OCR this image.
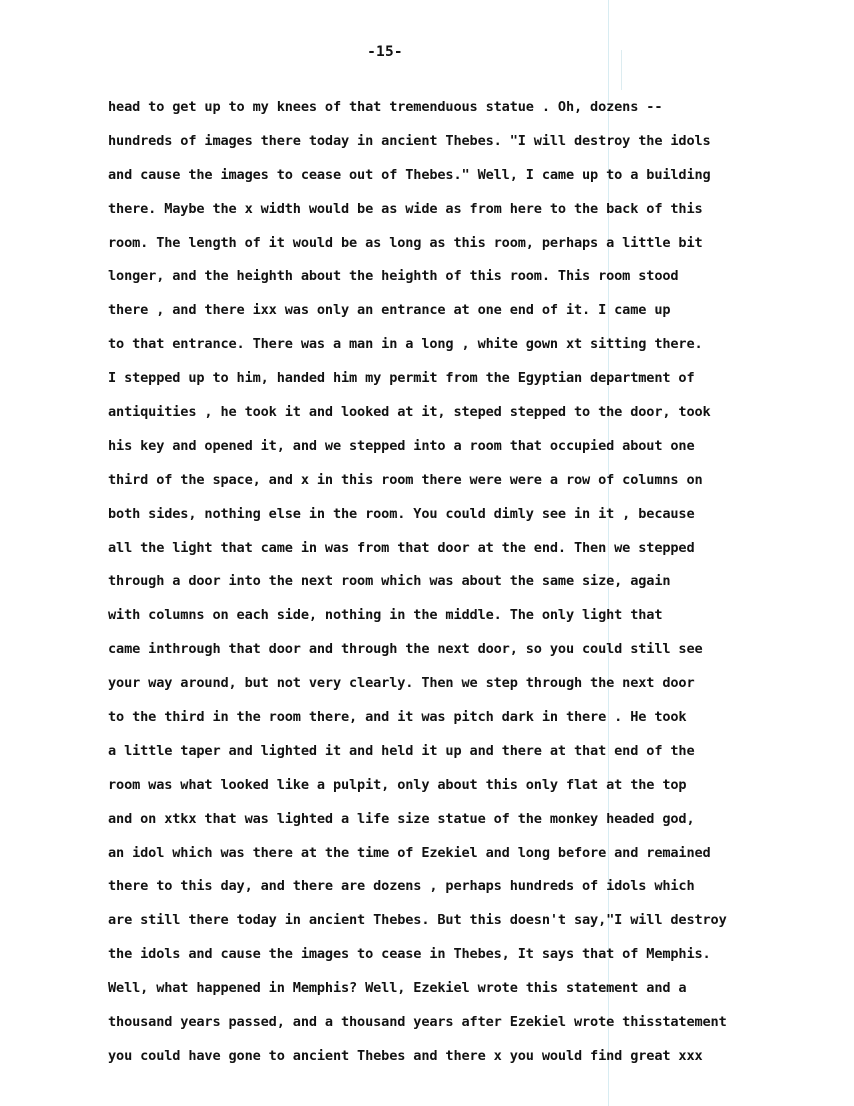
-15-
head to get up to my knees of that tremenduous statue . Oh, dozens --
hundreds of images there today in ancient Thebes. "I will destroy the idols
and cause the images to cease out of Thebes." Well, I came up to a building
there. Maybe the x width would be as wide as from here to the back of this
room. The length of it would be as long as this room, perhaps a little bit
longer, and the heighth about the heighth of this room. This room stood
there , and there ixx was only an entrance at one end of it. I came up
to that entrance. There was a man in a long , white gown xt sitting there.
I stepped up to him, handed him my permit from the Egyptian department of
antiquities , he took it and looked at it, steped stepped to the door, took
his key and opened it, and we stepped into a room that occupied about one
third of the space, and x in this room there were were a row of columns on
both sides, nothing else in the room. You could dimly see in it , because
all the light that came in was from that door at the end. Then we stepped
through a door into the next room which was about the same size, again
with columns on each side, nothing in the middle. The only light that
came inthrough that door and through the next door, so you could still see
your way around, but not very clearly. Then we step through the next door
to the third in the room there, and it was pitch dark in there . He took
a little taper and lighted it and held it up and there at that end of the
room was what looked like a pulpit, only about this only flat at the top
and on xtkx that was lighted a life size statue of the monkey headed god,
an idol which was there at the time of Ezekiel and long before and remained
there to this day, and there are dozens , perhaps hundreds of idols which
are still there today in ancient Thebes. But this doesn't say,"I will destroy
the idols and cause the images to cease in Thebes, It says that of Memphis.
Well, what happened in Memphis? Well, Ezekiel wrote this statement and a
thousand years passed, and a thousand years after Ezekiel wrote thisstatement
you could have gone to ancient Thebes and there x you would find great xxx
